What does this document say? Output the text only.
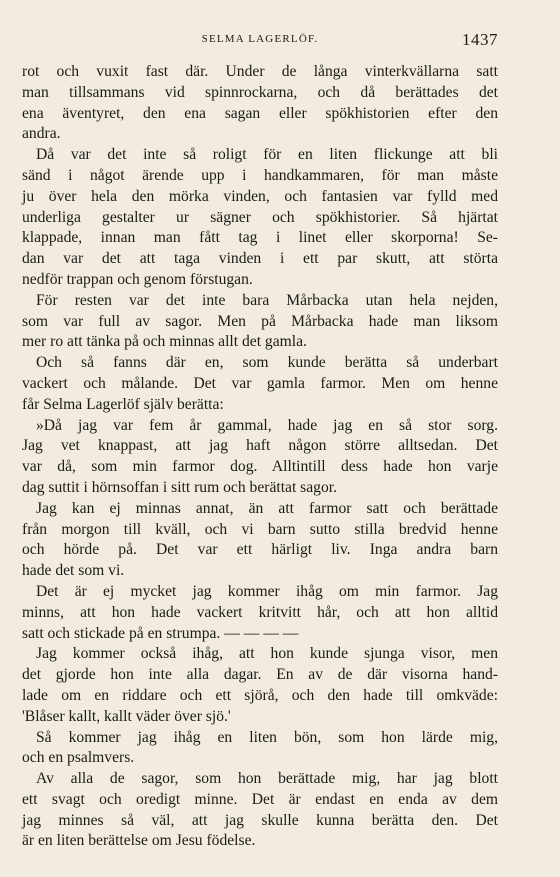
SELMA LAGERLÖF.	1437
rot och vuxit fast där. Under de långa vinterkvällarna satt
man tillsammans vid spinnrockarna, och då berättades det
ena äventyret, den ena sagan eller spökhistorien efter den
andra.
Då var det inte så roligt för en liten flickunge att bli
sänd i något ärende upp i handkammaren, för man måste
ju över hela den mörka vinden, och fantasien var fylld med
underliga gestalter ur sägner och spökhistorier. Så hjärtat
klappade, innan man fått tag i linet eller skorporna! Se-
dan var det att taga vinden i ett par skutt, att störta
nedför trappan och genom förstugan.
För resten var det inte bara Mårbacka utan hela nejden,
som var full av sagor. Men på Mårbacka hade man liksom
mer ro att tänka på och minnas allt det gamla.
Och så fanns där en, som kunde berätta så underbart
vackert och målande. Det var gamla farmor. Men om henne
får Selma Lagerlöf själv berätta:
»Då jag var fem år gammal, hade jag en så stor sorg.
Jag vet knappast, att jag haft någon större alltsedan. Det
var då, som min farmor dog. Alltintill dess hade hon varje
dag suttit i hörnsoffan i sitt rum och berättat sagor.
Jag kan ej minnas annat, än att farmor satt och berättade
från morgon till kväll, och vi barn sutto stilla bredvid henne
och hörde på. Det var ett härligt liv. Inga andra barn
hade det som vi.
Det är ej mycket jag kommer ihåg om min farmor. Jag
minns, att hon hade vackert kritvitt hår, och att hon alltid
satt och stickade på en strumpa. — — — —
Jag kommer också ihåg, att hon kunde sjunga visor, men
det gjorde hon inte alla dagar. En av de där visorna hand-
lade om en riddare och ett sjörå, och den hade till omkväde:
'Blåser kallt, kallt väder över sjö.'
Så kommer jag ihåg en liten bön, som hon lärde mig,
och en psalmvers.
Av alla de sagor, som hon berättade mig, har jag blott
ett svagt och oredigt minne. Det är endast en enda av dem
jag minnes så väl, att jag skulle kunna berätta den. Det
är en liten berättelse om Jesu födelse.
